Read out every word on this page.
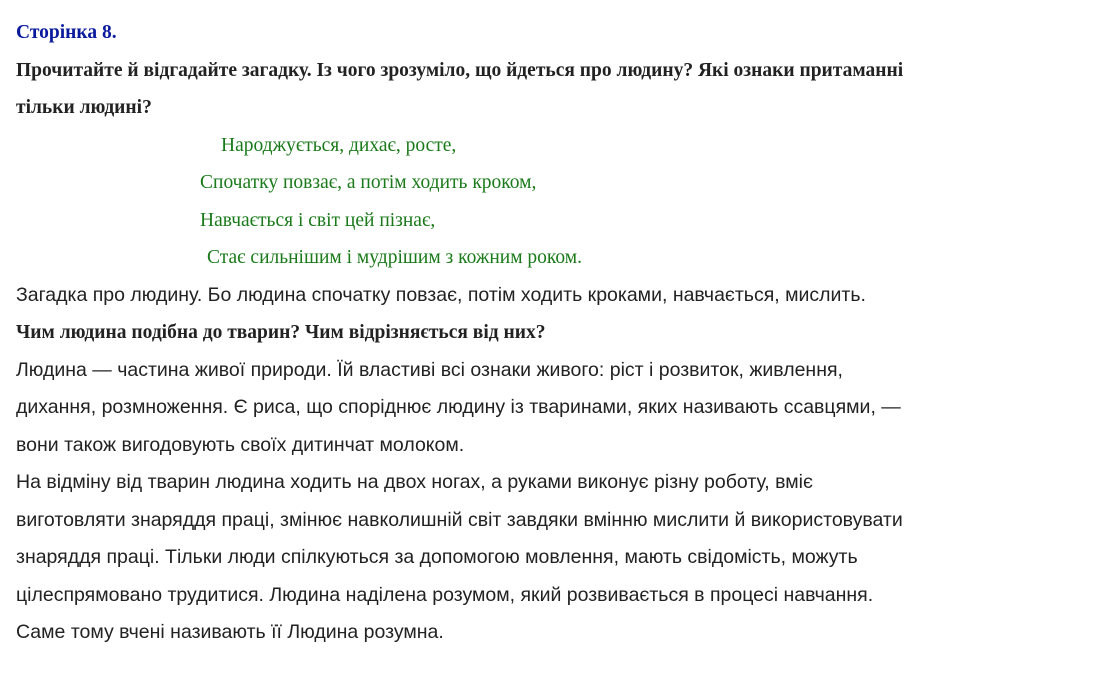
Сторінка 8.

Прочитайте й відгадайте загадку. Із чого зрозуміло, що йдеться про людину? Які ознаки притаманні

тільки людині?

Народжується, дихає, росте,

Спочатку повзає, а потім ходить кроком,

Навчається і світ цей пізнає,

Стає сильнішим і мудрішим з кожним роком.

Загадка про людину. Бо людина спочатку повзає, потім ходить кроками, навчається, мислить.

Чим людина подібна до тварин? Чим відрізняється від них?

Людина — частина живої природи. Їй властиві всі ознаки живого: ріст і розвиток, живлення,

дихання, розмноження. Є риса, що споріднює людину із тваринами, яких називають ссавцями, —

вони також вигодовують своїх дитинчат молоком.

На відміну від тварин людина ходить на двох ногах, а руками виконує різну роботу, вміє

виготовляти знаряддя праці, змінює навколишній світ завдяки вмінню мислити й використовувати

знаряддя праці. Тільки люди спілкуються за допомогою мовлення, мають свідомість, можуть

цілеспрямовано трудитися. Людина наділена розумом, який розвивається в процесі навчання.

Саме тому вчені називають її Людина розумна.
